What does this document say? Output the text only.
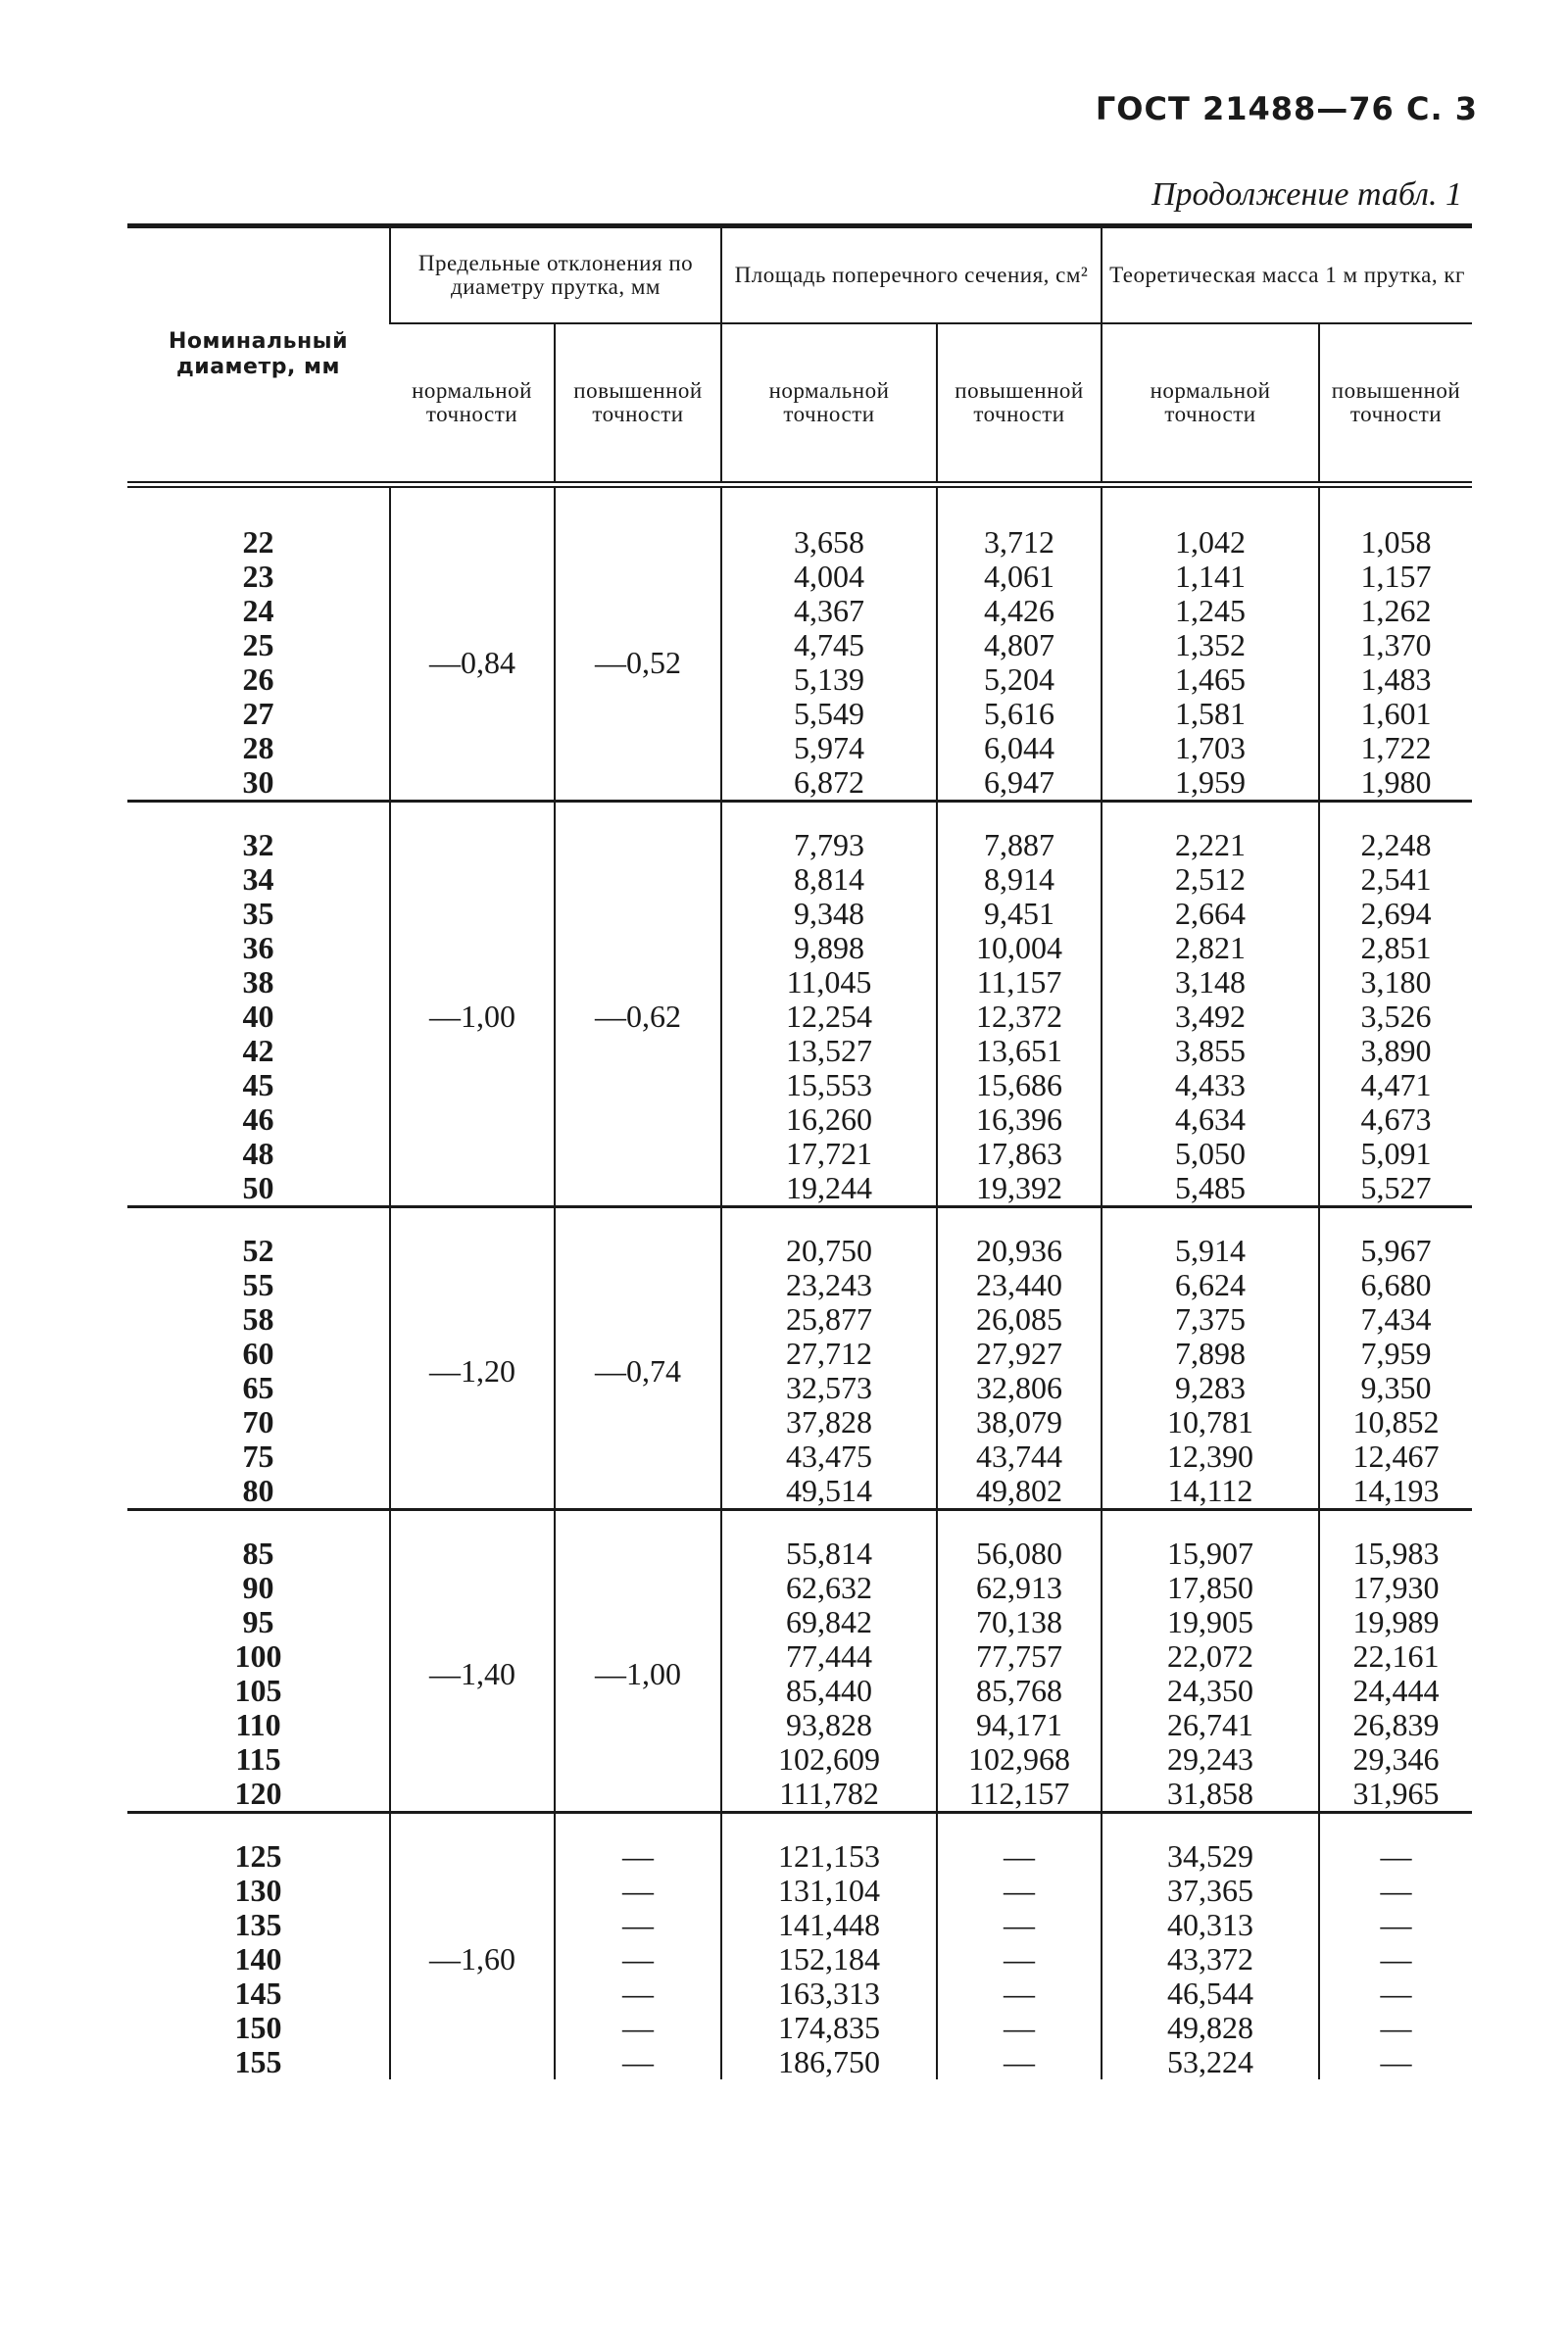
ГОСТ 21488—76 С. 3
Продолжение табл. 1
Номинальный диаметр, мм	Предельные отклонения по диаметру прутка, мм		Площадь поперечного сечения, см²		Теоретическая масса 1 м прутка, кг	
	нормальной точности	повышенной точности	нормальной точности	повышенной точности	нормальной точности	повышенной точности
22	—0,84	—0,52	3,658	3,712	1,042	1,058
23			4,004	4,061	1,141	1,157
24			4,367	4,426	1,245	1,262
25			4,745	4,807	1,352	1,370
26			5,139	5,204	1,465	1,483
27			5,549	5,616	1,581	1,601
28			5,974	6,044	1,703	1,722
30			6,872	6,947	1,959	1,980
32	—1,00	—0,62	7,793	7,887	2,221	2,248
34			8,814	8,914	2,512	2,541
35			9,348	9,451	2,664	2,694
36			9,898	10,004	2,821	2,851
38			11,045	11,157	3,148	3,180
40			12,254	12,372	3,492	3,526
42			13,527	13,651	3,855	3,890
45			15,553	15,686	4,433	4,471
46			16,260	16,396	4,634	4,673
48			17,721	17,863	5,050	5,091
50			19,244	19,392	5,485	5,527
52	—1,20	—0,74	20,750	20,936	5,914	5,967
55			23,243	23,440	6,624	6,680
58			25,877	26,085	7,375	7,434
60			27,712	27,927	7,898	7,959
65			32,573	32,806	9,283	9,350
70			37,828	38,079	10,781	10,852
75			43,475	43,744	12,390	12,467
80			49,514	49,802	14,112	14,193
85	—1,40	—1,00	55,814	56,080	15,907	15,983
90			62,632	62,913	17,850	17,930
95			69,842	70,138	19,905	19,989
100			77,444	77,757	22,072	22,161
105			85,440	85,768	24,350	24,444
110			93,828	94,171	26,741	26,839
115			102,609	102,968	29,243	29,346
120			111,782	112,157	31,858	31,965
125	—1,60	—	121,153	—	34,529	—
130		—	131,104	—	37,365	—
135		—	141,448	—	40,313	—
140		—	152,184	—	43,372	—
145		—	163,313	—	46,544	—
150		—	174,835	—	49,828	—
155		—	186,750	—	53,224	—
